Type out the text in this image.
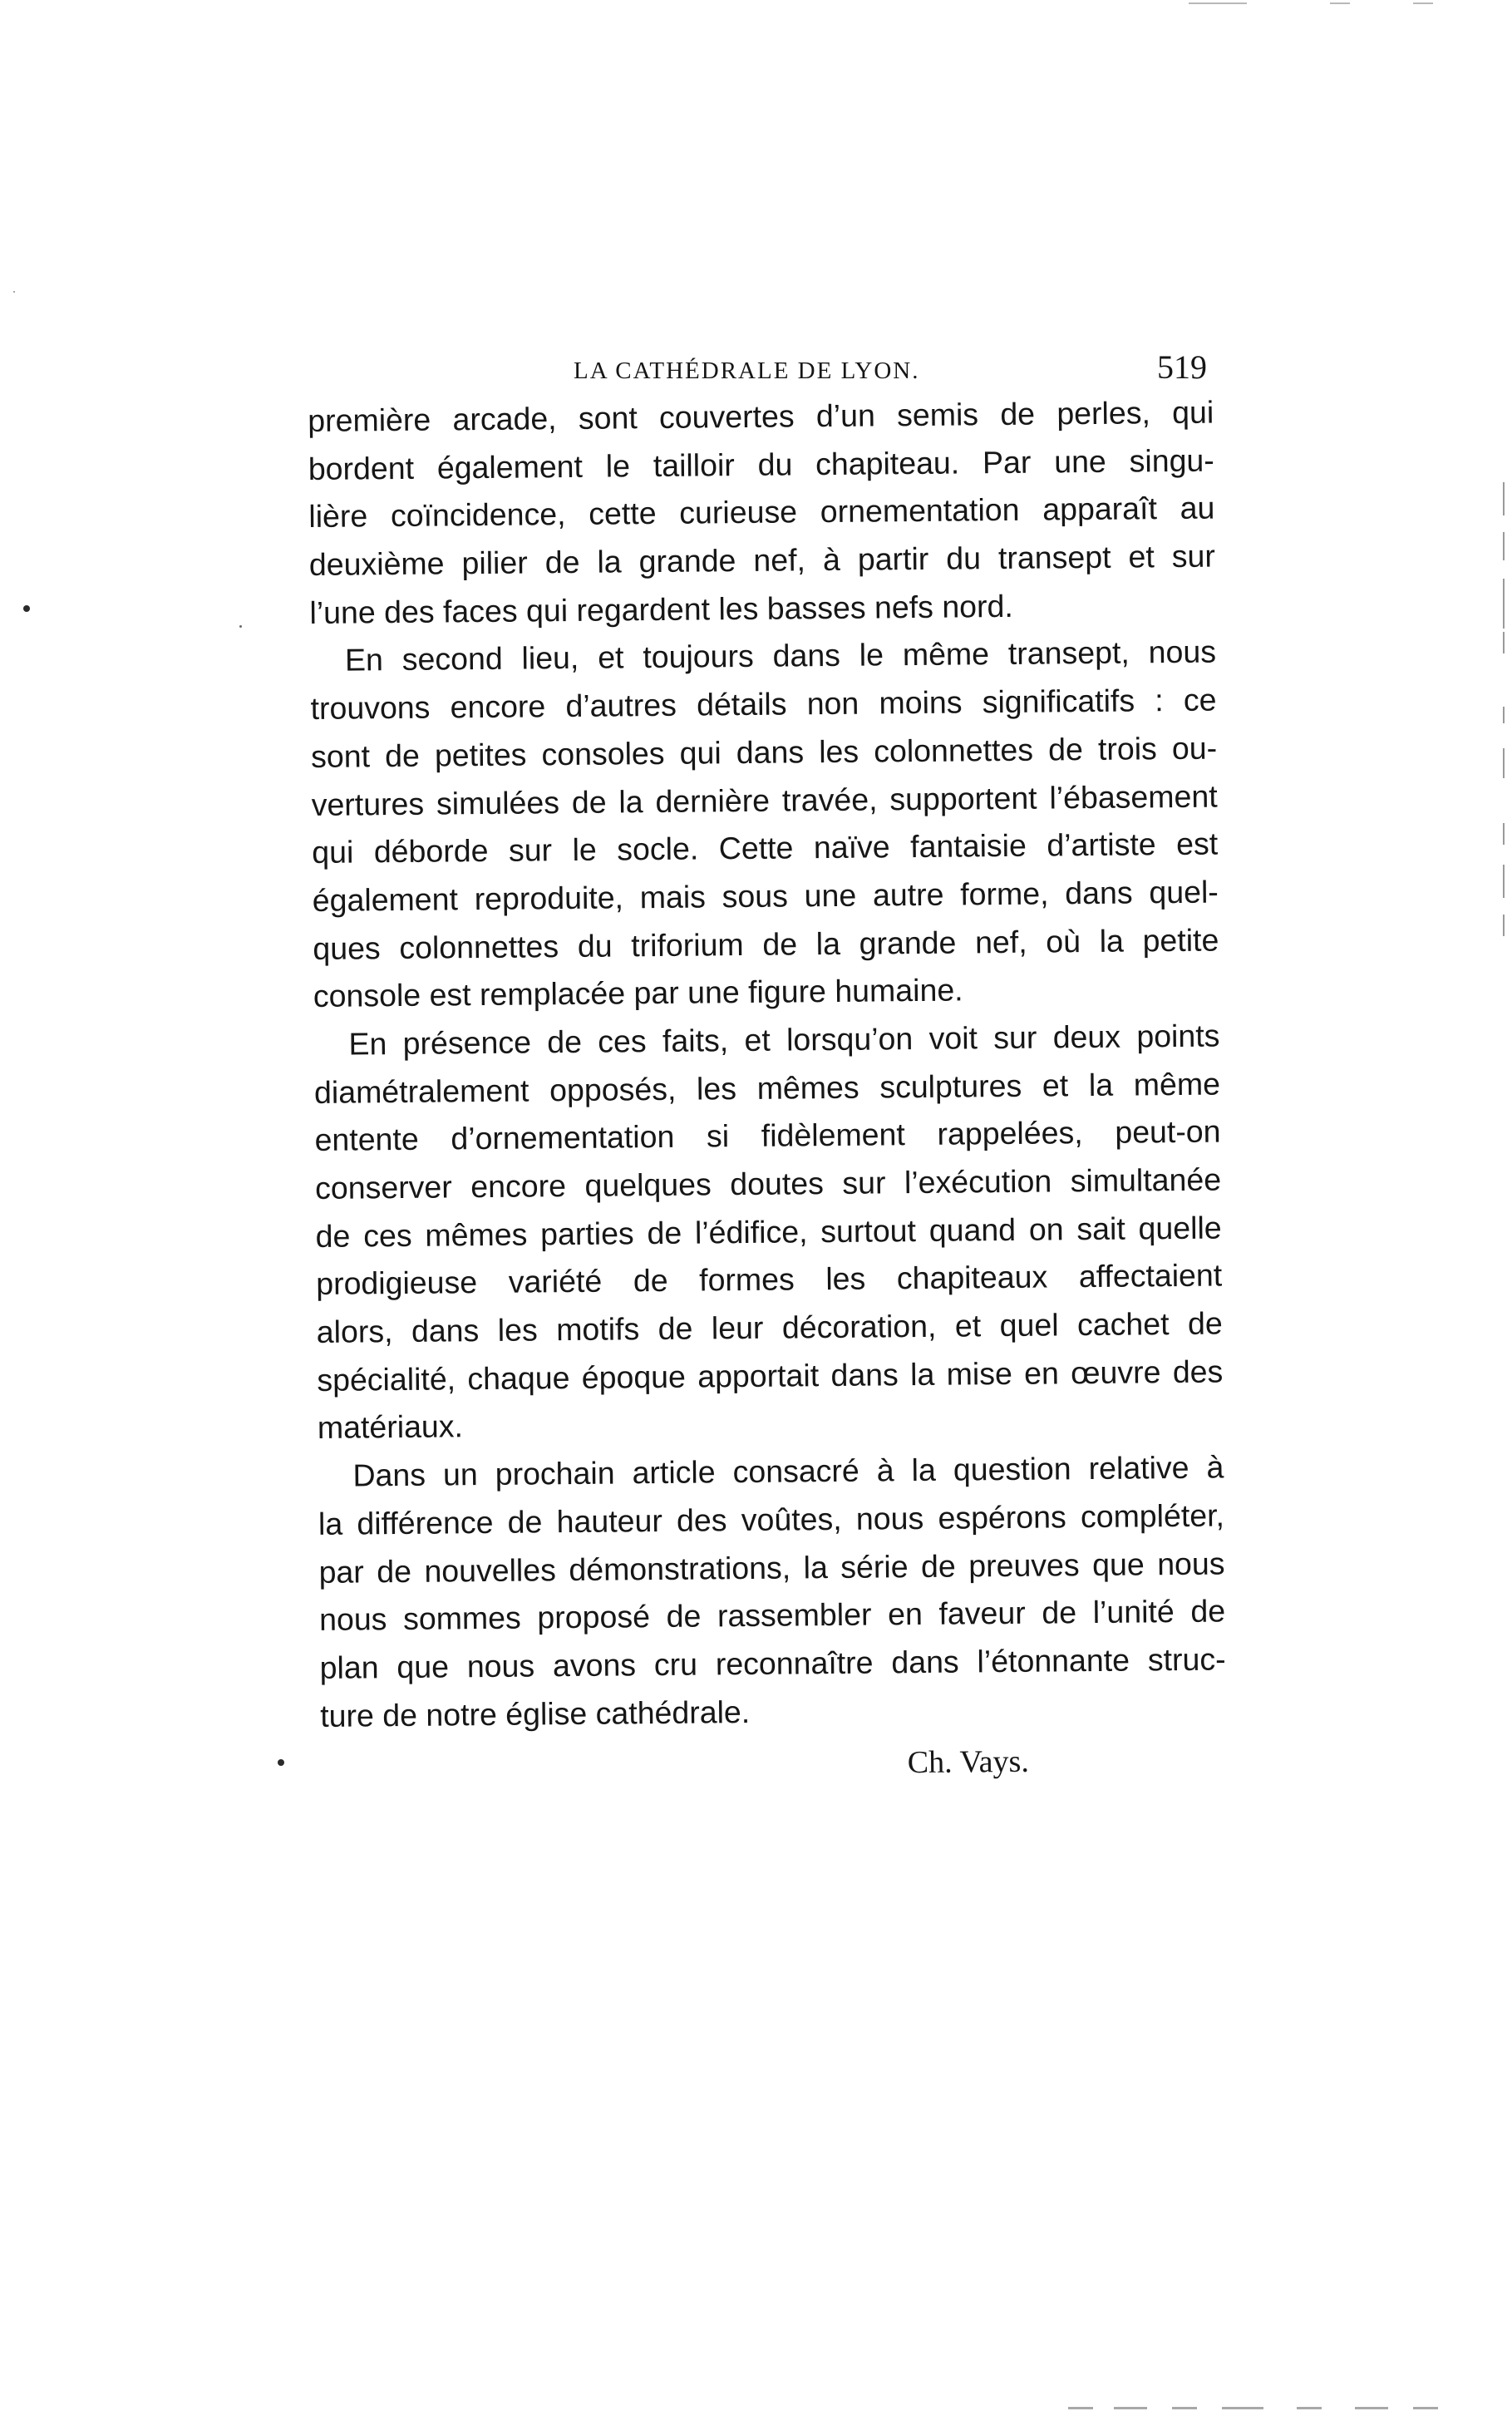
LA CATHÉDRALE DE LYON.	519
première arcade, sont couvertes d’un semis de perles, qui
bordent également le tailloir du chapiteau. Par une singu-
lière coïncidence, cette curieuse ornementation apparaît au
deuxième pilier de la grande nef, à partir du transept et sur
l’une des faces qui regardent les basses nefs nord.
En second lieu, et toujours dans le même transept, nous
trouvons encore d’autres détails non moins significatifs : ce
sont de petites consoles qui dans les colonnettes de trois ou-
vertures simulées de la dernière travée, supportent l’ébasement
qui déborde sur le socle. Cette naïve fantaisie d’artiste est
également reproduite, mais sous une autre forme, dans quel-
ques colonnettes du triforium de la grande nef, où la petite
console est remplacée par une figure humaine.
En présence de ces faits, et lorsqu’on voit sur deux points
diamétralement opposés, les mêmes sculptures et la même
entente d’ornementation si fidèlement rappelées, peut-on
conserver encore quelques doutes sur l’exécution simultanée
de ces mêmes parties de l’édifice, surtout quand on sait quelle
prodigieuse variété de formes les chapiteaux affectaient
alors, dans les motifs de leur décoration, et quel cachet de
spécialité, chaque époque apportait dans la mise en œuvre des
matériaux.
Dans un prochain article consacré à la question relative à
la différence de hauteur des voûtes, nous espérons compléter,
par de nouvelles démonstrations, la série de preuves que nous
nous sommes proposé de rassembler en faveur de l’unité de
plan que nous avons cru reconnaître dans l’étonnante struc-
ture de notre église cathédrale.
Ch. Vays.
